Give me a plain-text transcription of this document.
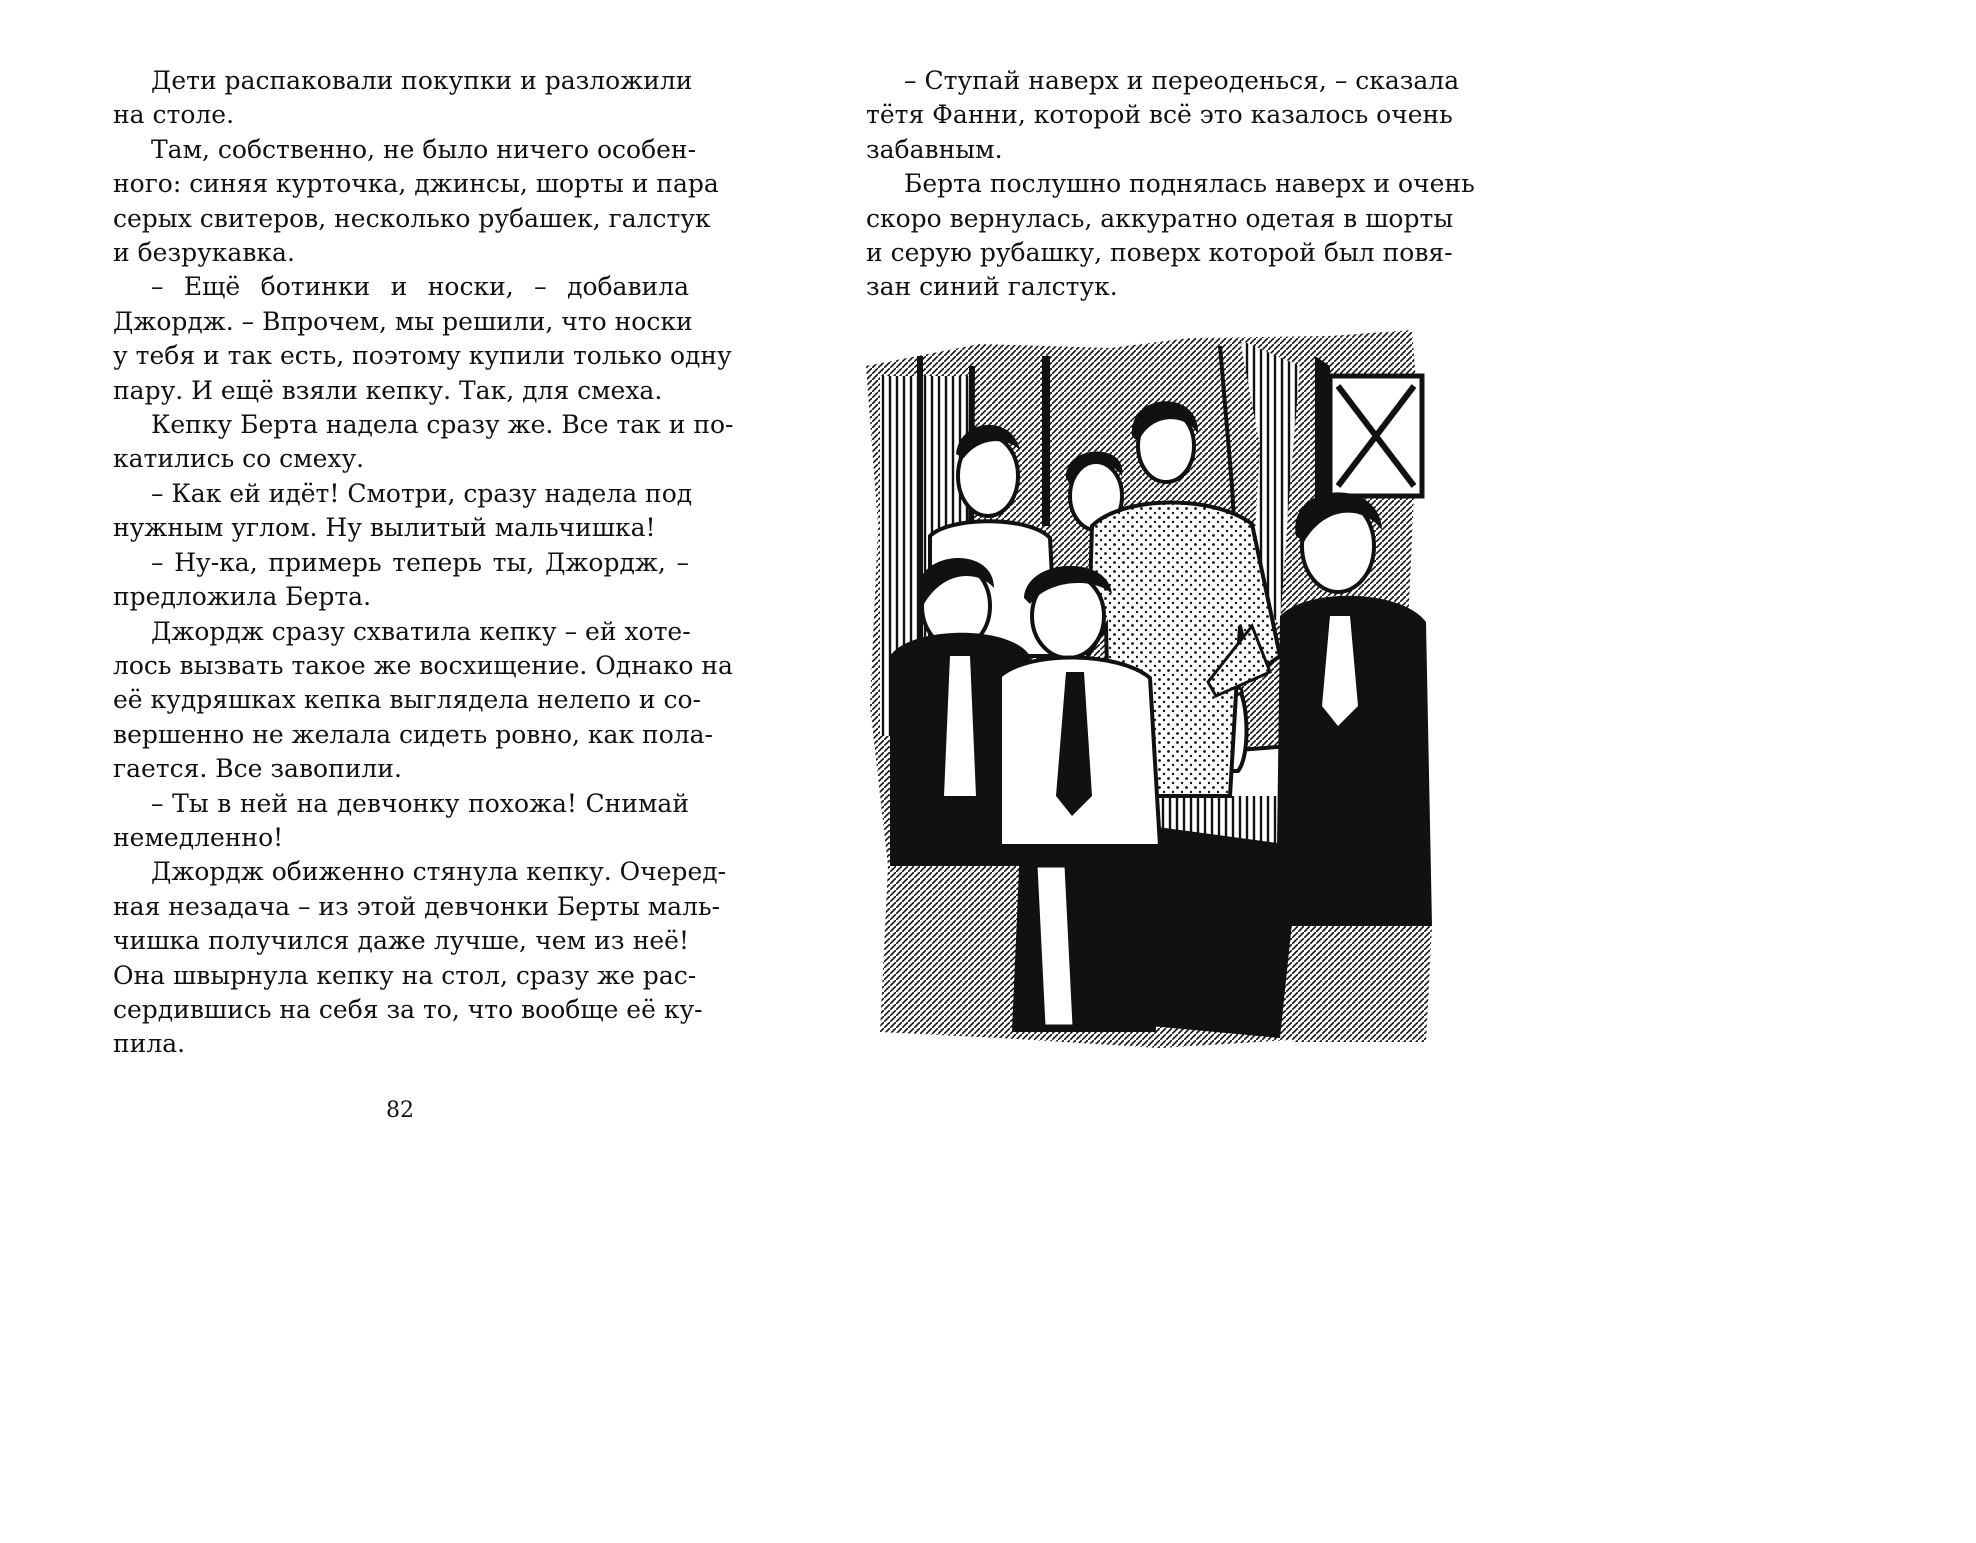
Дети распаковали покупки и разложили
на столе.
Там, собственно, не было ничего особен-
ного: синяя курточка, джинсы, шорты и пара
серых свитеров, несколько рубашек, галстук
и безрукавка.
– Ещё ботинки и носки, – добавила
Джордж. – Впрочем, мы решили, что носки
у тебя и так есть, поэтому купили только одну
пару. И ещё взяли кепку. Так, для смеха.
Кепку Берта надела сразу же. Все так и по-
катились со смеху.
– Как ей идёт! Смотри, сразу надела под
нужным углом. Ну вылитый мальчишка!
– Ну-ка, примерь теперь ты, Джордж, –
предложила Берта.
Джордж сразу схватила кепку – ей хоте-
лось вызвать такое же восхищение. Однако на
её кудряшках кепка выглядела нелепо и со-
вершенно не желала сидеть ровно, как пола-
гается. Все завопили.
– Ты в ней на девчонку похожа! Снимай
немедленно!
Джордж обиженно стянула кепку. Очеред-
ная незадача – из этой девчонки Берты маль-
чишка получился даже лучше, чем из неё!
Она швырнула кепку на стол, сразу же рас-
сердившись на себя за то, что вообще её ку-
пила.
82
– Ступай наверх и переоденься, – сказала
тётя Фанни, которой всё это казалось очень
забавным.
Берта послушно поднялась наверх и очень
скоро вернулась, аккуратно одетая в шорты
и серую рубашку, поверх которой был повя-
зан синий галстук.
